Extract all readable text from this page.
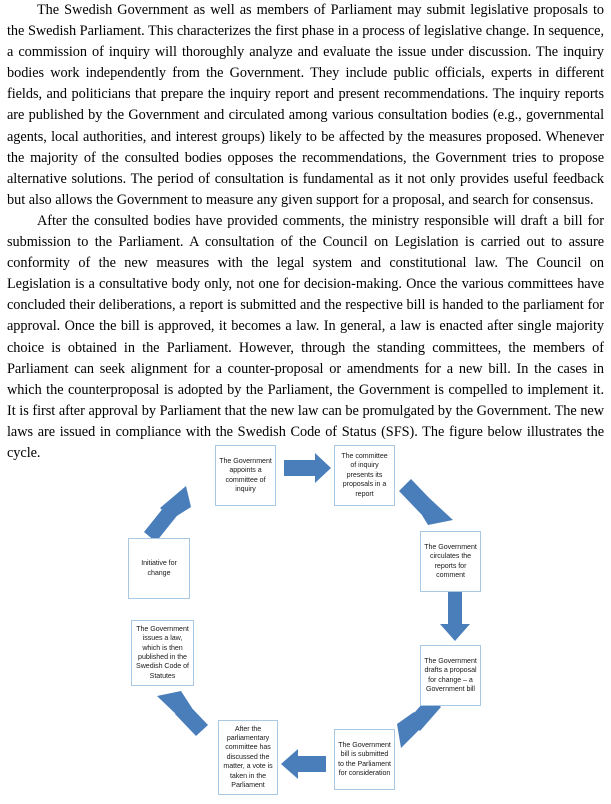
The Swedish Government as well as members of Parliament may submit legislative proposals to the Swedish Parliament. This characterizes the first phase in a process of legislative change. In sequence, a commission of inquiry will thoroughly analyze and evaluate the issue under discussion. The inquiry bodies work independently from the Government. They include public officials, experts in different fields, and politicians that prepare the inquiry report and present recommendations. The inquiry reports are published by the Government and circulated among various consultation bodies (e.g., governmental agents, local authorities, and interest groups) likely to be affected by the measures proposed. Whenever the majority of the consulted bodies opposes the recommendations, the Government tries to propose alternative solutions. The period of consultation is fundamental as it not only provides useful feedback but also allows the Government to measure any given support for a proposal, and search for consensus.

After the consulted bodies have provided comments, the ministry responsible will draft a bill for submission to the Parliament. A consultation of the Council on Legislation is carried out to assure conformity of the new measures with the legal system and constitutional law. The Council on Legislation is a consultative body only, not one for decision-making. Once the various committees have concluded their deliberations, a report is submitted and the respective bill is handed to the parliament for approval. Once the bill is approved, it becomes a law. In general, a law is enacted after single majority choice is obtained in the Parliament. However, through the standing committees, the members of Parliament can seek alignment for a counter-proposal or amendments for a new bill. In the cases in which the counterproposal is adopted by the Parliament, the Government is compelled to implement it. It is first after approval by Parliament that the new law can be promulgated by the Government. The new laws are issued in compliance with the Swedish Code of Status (SFS). The figure below illustrates the cycle.	The Government appoints a committee of inquiry
The committee of inquiry presents its proposals in a report
The Government circulates the reports for comment
Initiative for change
The Government drafts a proposal for change – a Government bill
The Government issues a law, which is then published in the Swedish Code of Statutes
The Government bill is submitted to the Parliament for consideration
After the parliamentary committee has discussed the matter, a vote is taken in the Parliament
